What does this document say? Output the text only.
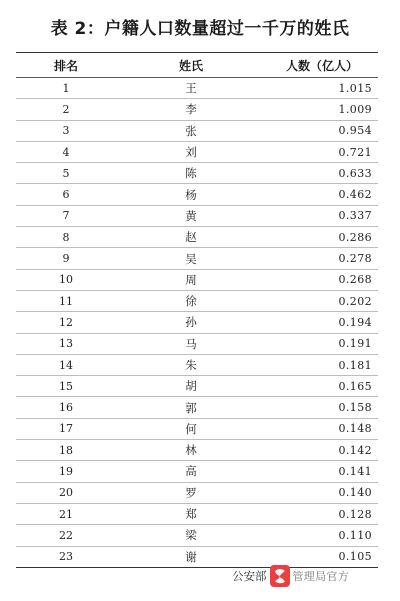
表 2：户籍人口数量超过一千万的姓氏
排名	姓氏	人数（亿人）
1	王	1.015
2	李	1.009
3	张	0.954
4	刘	0.721
5	陈	0.633
6	杨	0.462
7	黄	0.337
8	赵	0.286
9	吴	0.278
10	周	0.268
11	徐	0.202
12	孙	0.194
13	马	0.191
14	朱	0.181
15	胡	0.165
16	郭	0.158
17	何	0.148
18	林	0.142
19	高	0.141
20	罗	0.140
21	郑	0.128
22	梁	0.110
23	谢	0.105
公安部 管理局官方
